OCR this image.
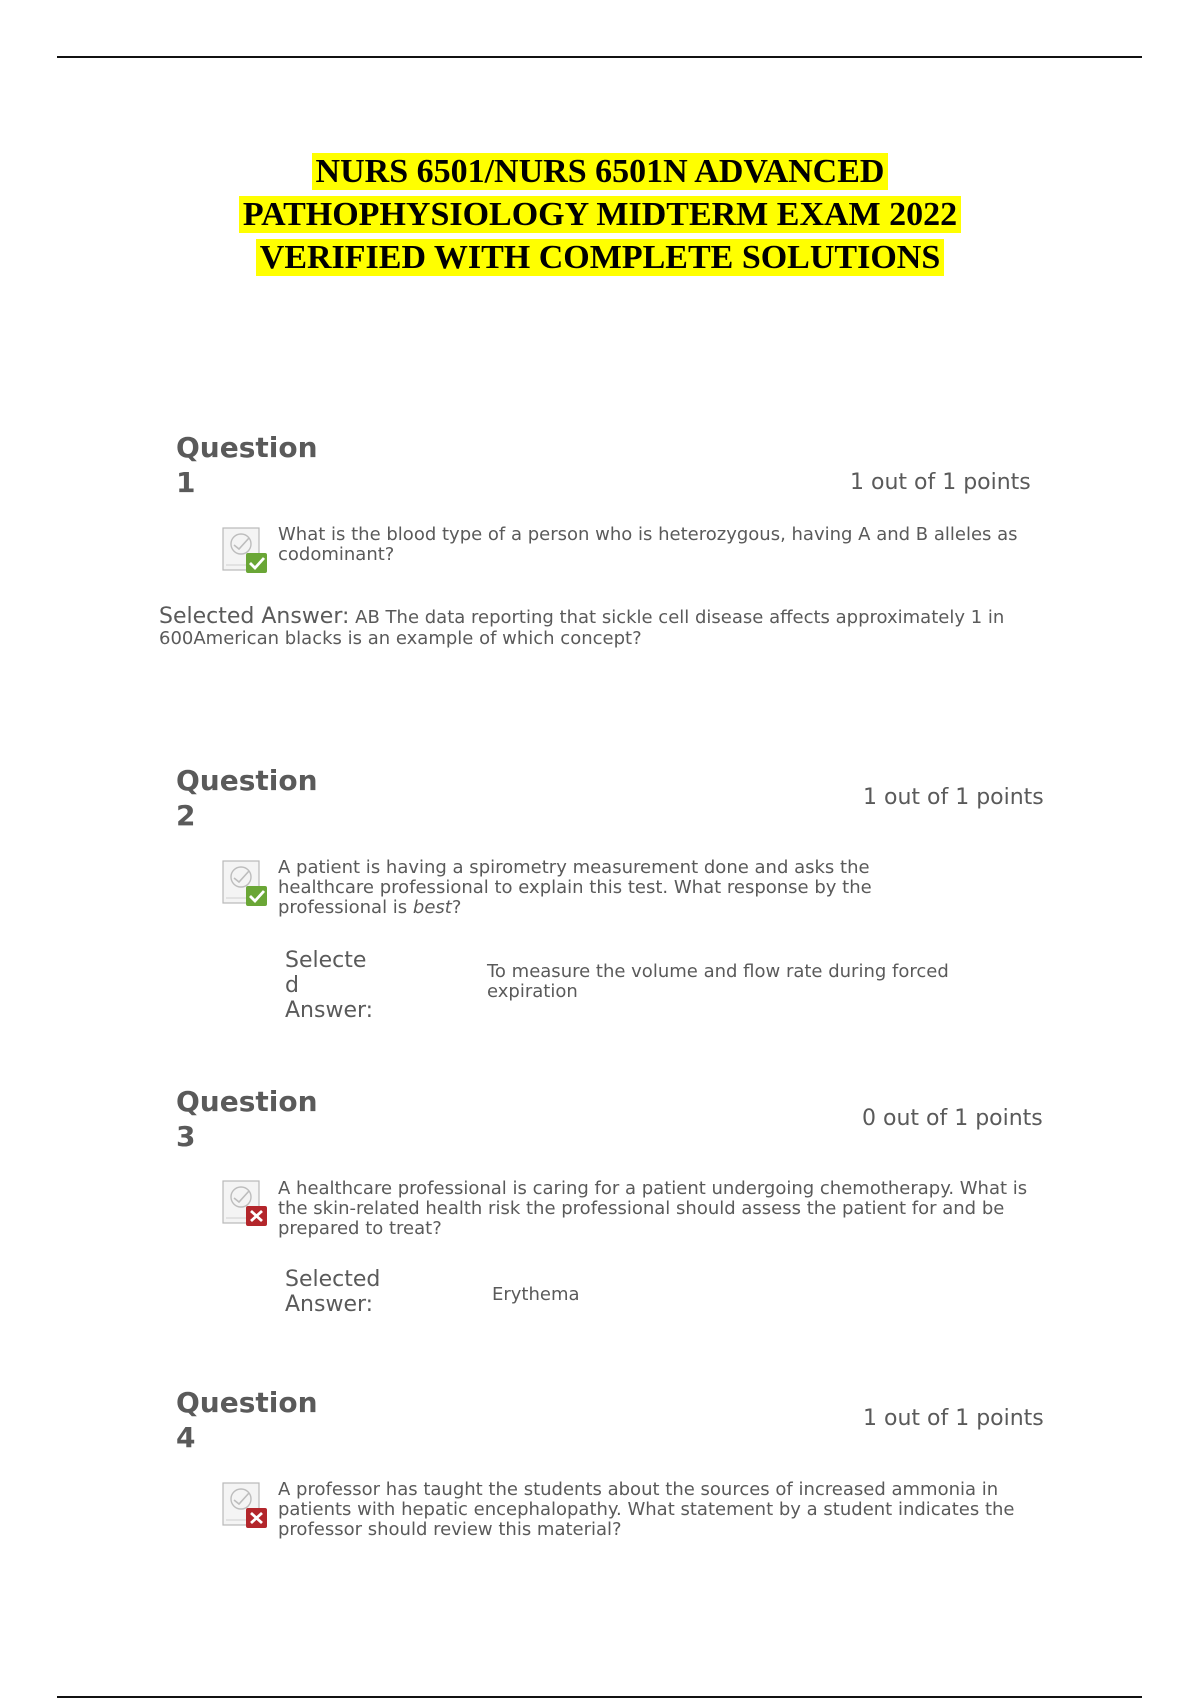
NURS 6501/NURS 6501N ADVANCED
PATHOPHYSIOLOGY MIDTERM EXAM 2022
VERIFIED WITH COMPLETE SOLUTIONS
Question
1	1 out of 1 points
What is the blood type of a person who is heterozygous, having A and B alleles as codominant?
Selected Answer: AB The data reporting that sickle cell disease affects approximately 1 in 600American blacks is an example of which concept?
Question
2
1 out of 1 points
A patient is having a spirometry measurement done and asks the healthcare professional to explain this test. What response by the professional is best?
Selecte
d
Answer:
To measure the volume and flow rate during forced expiration
Question
3
0 out of 1 points
A healthcare professional is caring for a patient undergoing chemotherapy. What is the skin-related health risk the professional should assess the patient for and be prepared to treat?
Selected
Answer:	Erythema
Question
4
1 out of 1 points
A professor has taught the students about the sources of increased ammonia in patients with hepatic encephalopathy. What statement by a student indicates the professor should review this material?
